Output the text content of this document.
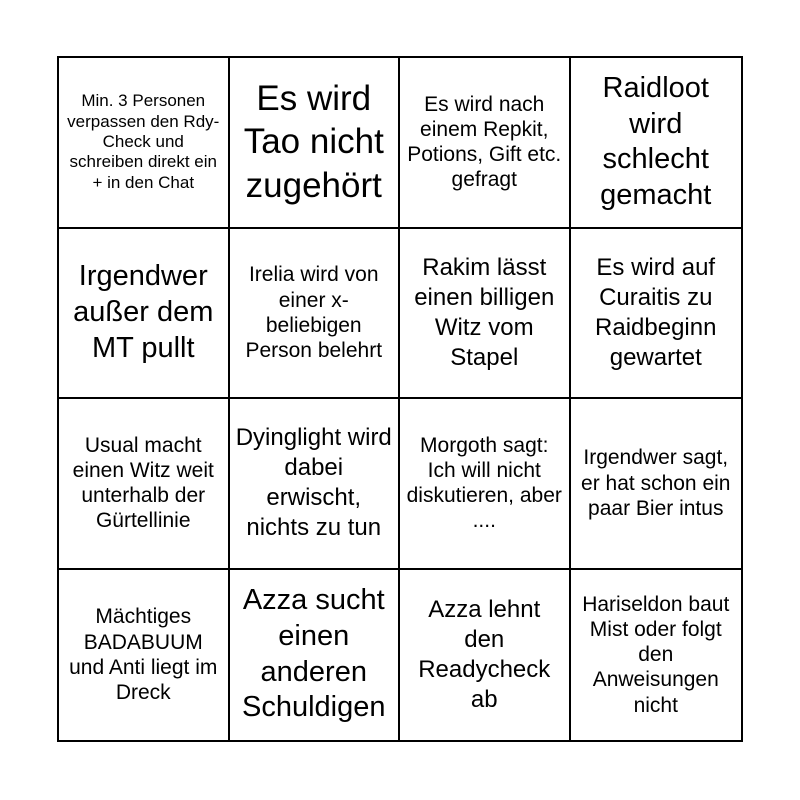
Min. 3 Personen verpassen den Rdy-Check und schreiben direkt ein + in den Chat
Es wird Tao nicht zugehört
Es wird nach einem Repkit, Potions, Gift etc. gefragt
Raidloot wird schlecht gemacht
Irgendwer außer dem MT pullt
Irelia wird von einer x-beliebigen Person belehrt
Rakim lässt einen billigen Witz vom Stapel
Es wird auf Curaitis zu Raidbeginn gewartet
Usual macht einen Witz weit unterhalb der Gürtellinie
Dyinglight wird dabei erwischt, nichts zu tun
Morgoth sagt: Ich will nicht diskutieren, aber ....
Irgendwer sagt, er hat schon ein paar Bier intus
Mächtiges BADABUUM und Anti liegt im Dreck
Azza sucht einen anderen Schuldigen
Azza lehnt den Readycheck ab
Hariseldon baut Mist oder folgt den Anweisungen nicht
